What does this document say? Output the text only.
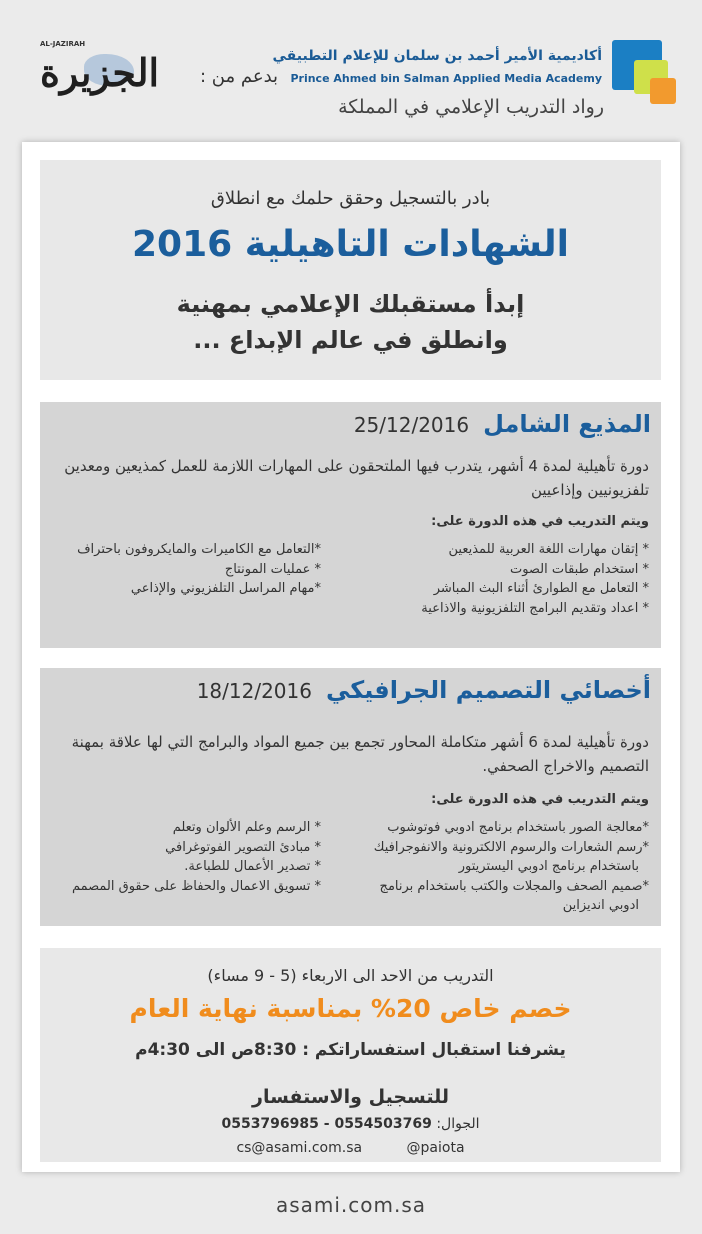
أكاديمية الأمير أحمد بن سلمان للإعلام التطبيقي
Prince Ahmed bin Salman Applied Media Academy
رواد التدريب الإعلامي في المملكة
AL-JAZIRAH
الجزيرة بدعم من :
بادر بالتسجيل وحقق حلمك مع انطلاق
الشهادات التاهيلية 2016
إبدأ مستقبلك الإعلامي بمهنية
وانطلق في عالم الإبداع ...
المذيع الشامل25/12/2016
دورة تأهيلية لمدة 4 أشهر، يتدرب فيها الملتحقون على المهارات اللازمة للعمل كمذيعين ومعدين تلفزيونيين وإذاعيين
ويتم التدريب في هذه الدورة على:
* إتقان مهارات اللغة العربية للمذيعين
* استخدام طبقات الصوت
* التعامل مع الطوارئ أثناء البث المباشر
* اعداد وتقديم البرامج التلفزيونية والاذاعية
*التعامل مع الكاميرات والمايكروفون باحتراف
* عمليات المونتاج
*مهام المراسل التلفزيوني والإذاعي
أخصائي التصميم الجرافيكي18/12/2016
دورة تأهيلية لمدة 6 أشهر متكاملة المحاور تجمع بين جميع المواد والبرامج التي لها علاقة بمهنة التصميم والاخراج الصحفي.
ويتم التدريب في هذه الدورة على:
*معالجة الصور باستخدام برنامج ادوبي فوتوشوب
*رسم الشعارات والرسوم الالكترونية والانفوجرافيك
باستخدام برنامج ادوبي اليستريتور
*صميم الصحف والمجلات والكتب باستخدام برنامج
ادوبي انديزاين
* الرسم وعلم الألوان وتعلم
* مبادئ التصوير الفوتوغرافي
* تصدير الأعمال للطباعة.
* تسويق الاعمال والحفاظ على حقوق المصمم
التدريب من الاحد الى الاربعاء (5 - 9 مساء)
خصم خاص 20% بمناسبة نهاية العام
يشرفنا استقبال استفساراتكم : 8:30ص الى 4:30م
للتسجيل والاستفسار
الجوال: 0554503769 - 0553796985
cs@asami.com.sa	@paiota
asami.com.sa
